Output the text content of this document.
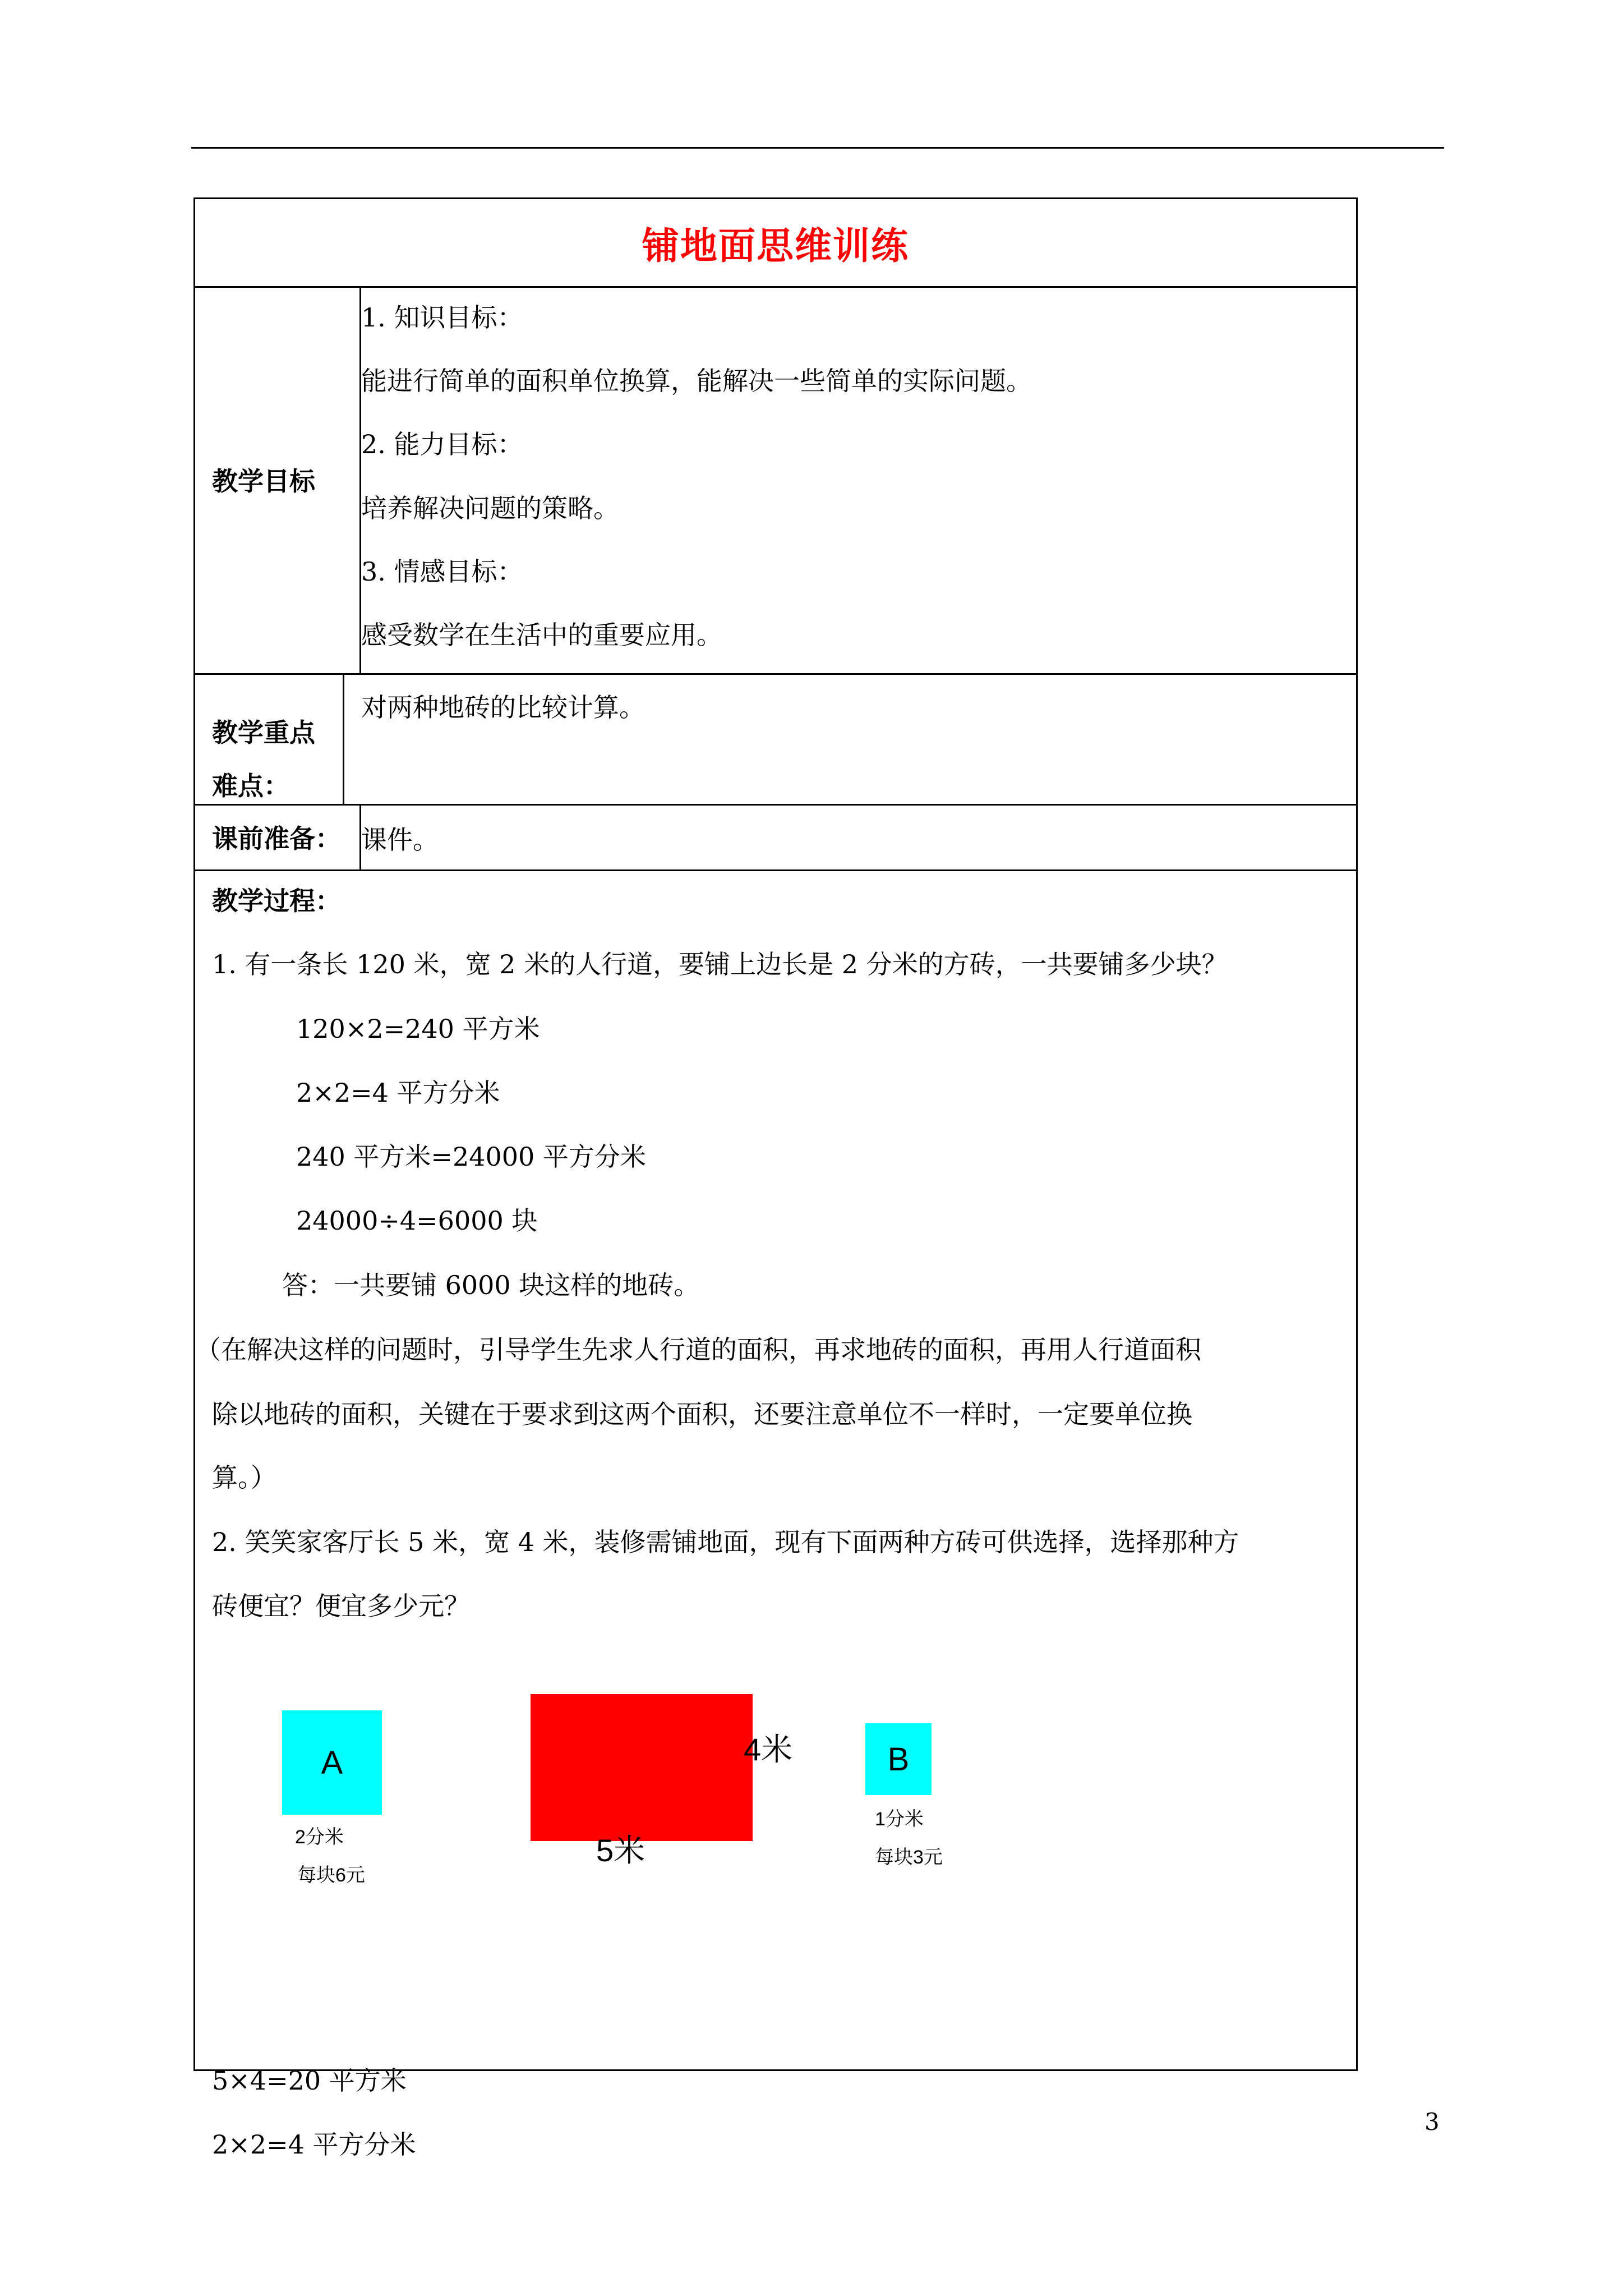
铺地面思维训练
教学目标
1. 知识目标：
能进行简单的面积单位换算，能解决一些简单的实际问题。
2. 能力目标：
培养解决问题的策略。
3. 情感目标：
感受数学在生活中的重要应用。
教学重点
难点：
对两种地砖的比较计算。
课前准备： 课件。
教学过程：
1. 有一条长 120 米，宽 2 米的人行道，要铺上边长是 2 分米的方砖，一共要铺多少块？
120×2=240 平方米
2×2=4 平方分米
240 平方米=24000 平方分米
24000÷4=6000 块
答：一共要铺 6000 块这样的地砖。
（在解决这样的问题时，引导学生先求人行道的面积，再求地砖的面积，再用人行道面积
除以地砖的面积，关键在于要求到这两个面积，还要注意单位不一样时，一定要单位换
算。）
2. 笑笑家客厅长 5 米，宽 4 米，装修需铺地面，现有下面两种方砖可供选择，选择那种方
砖便宜？便宜多少元？
5×4=20 平方米
2×2=4 平方分米
A
2分米
每块6元
4米
5米
B
1分米
每块3元
3
